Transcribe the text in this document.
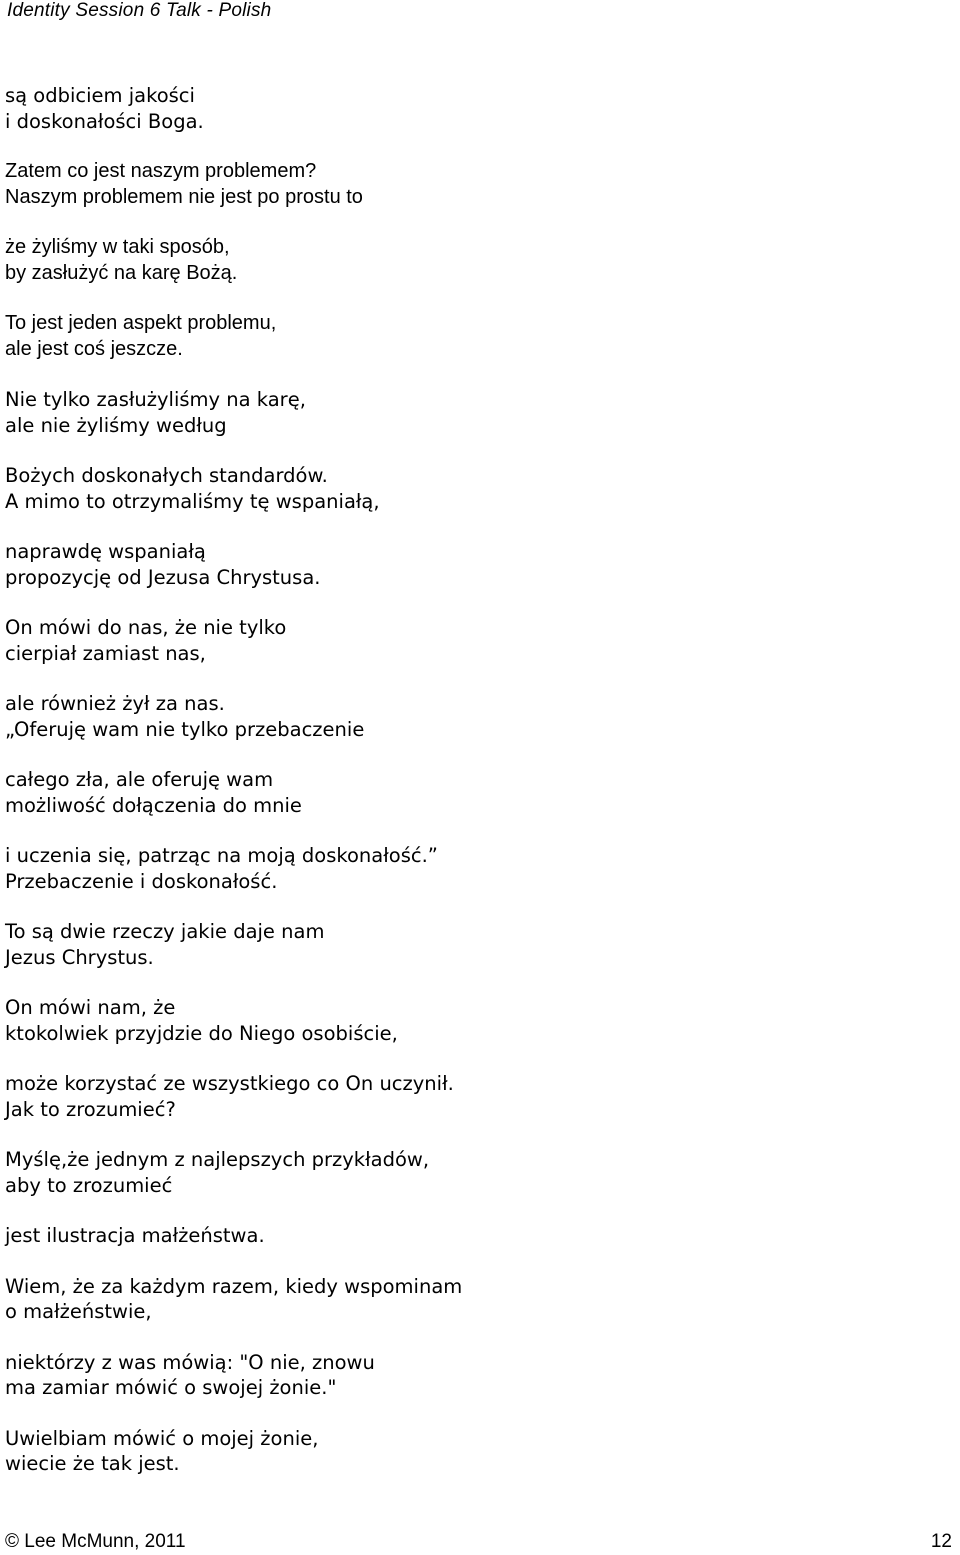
Identity Session 6 Talk - Polish
są odbiciem jakości
i doskonałości Boga.
Zatem co jest naszym problemem?
Naszym problemem nie jest po prostu to
że żyliśmy w taki sposób,
by zasłużyć na karę Bożą.
To jest jeden aspekt problemu,
ale jest coś jeszcze.
Nie tylko zasłużyliśmy na karę,
ale nie żyliśmy według
Bożych doskonałych standardów.
A mimo to otrzymaliśmy tę wspaniałą,
naprawdę wspaniałą
propozycję od Jezusa Chrystusa.
On mówi do nas, że nie tylko
cierpiał zamiast nas,
ale również żył za nas.
„Oferuję wam nie tylko przebaczenie
całego zła, ale oferuję wam
możliwość dołączenia do mnie
i uczenia się, patrząc na moją doskonałość.”
Przebaczenie i doskonałość.
To są dwie rzeczy jakie daje nam
Jezus Chrystus.
On mówi nam, że
ktokolwiek przyjdzie do Niego osobiście,
może korzystać ze wszystkiego co On uczynił.
Jak to zrozumieć?
Myślę,że jednym z najlepszych przykładów,
aby to zrozumieć
jest ilustracja małżeństwa.
Wiem, że za każdym razem, kiedy wspominam
o małżeństwie,
niektórzy z was mówią: "O nie, znowu
ma zamiar mówić o swojej żonie."
Uwielbiam mówić o mojej żonie,
wiecie że tak jest.
© Lee McMunn, 2011	12
